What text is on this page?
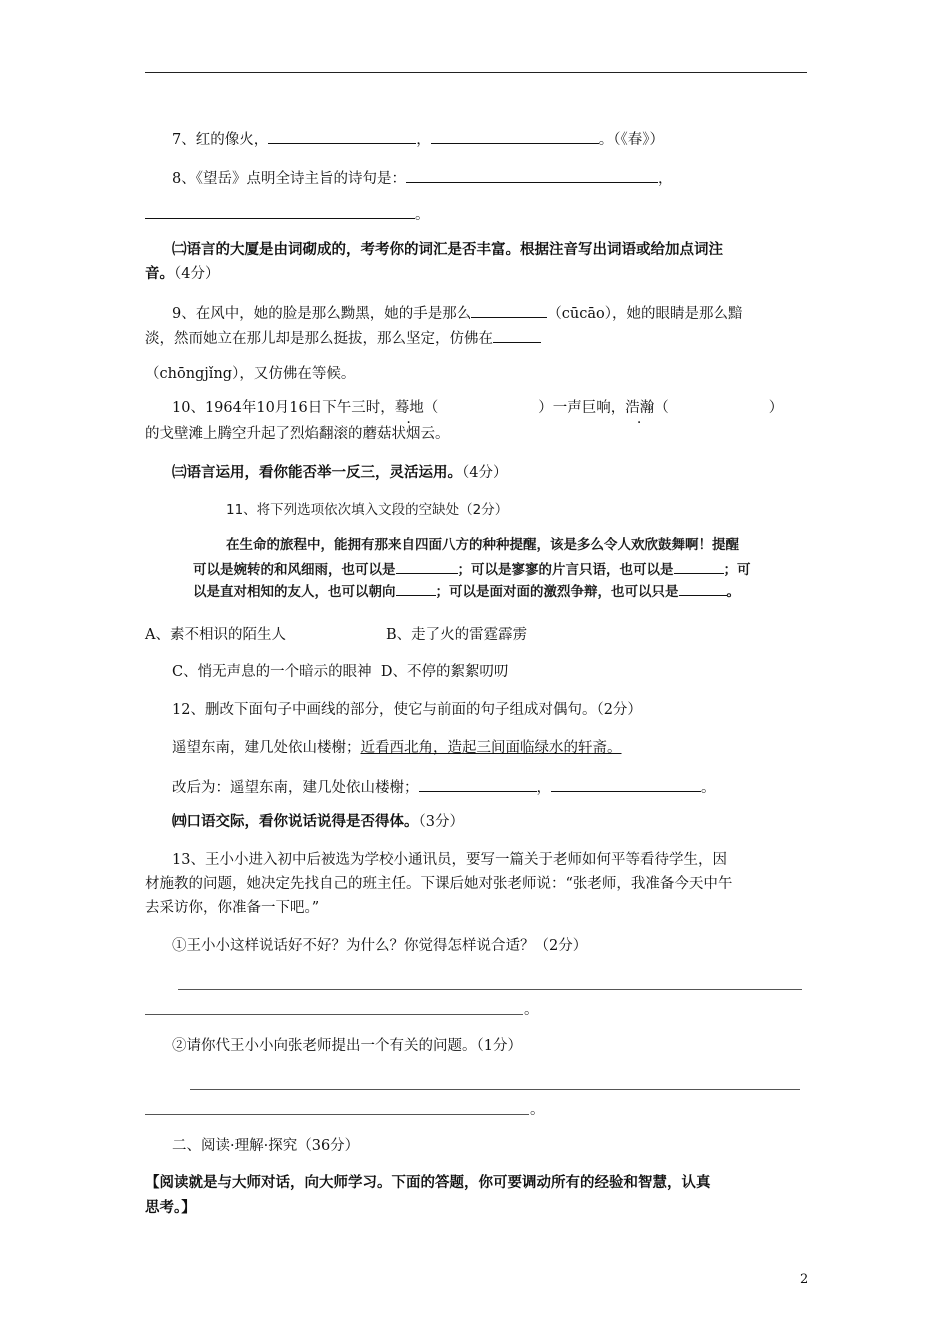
7、红的像火，	，	。（《春》）
8、《望岳》点明全诗主旨的诗句是：	，
。
㈡语言的大厦是由词砌成的，考考你的词汇是否丰富。根据注音写出词语或给加点词注
音。（4分）
9、在风中，她的脸是那么黝黑，她的手是那么	（cūcāo），她的眼睛是那么黯
淡，然而她立在那儿却是那么挺拔，那么坚定，仿佛在
（chōngjǐng），又仿佛在等候。
10、1964年10月16日下午三时，蓦地（	）一声巨响，浩瀚（	）
的戈壁滩上腾空升起了烈焰翻滚的蘑菇状烟云。
㈢语言运用，看你能否举一反三，灵活运用。（4分）
11、将下列选项依次填入文段的空缺处（2分）
在生命的旅程中，能拥有那来自四面八方的种种提醒，该是多么令人欢欣鼓舞啊！提醒
可以是婉转的和风细雨，也可以是	；可以是寥寥的片言只语，也可以是	；可
以是直对相知的友人，也可以朝向	；可以是面对面的激烈争辩，也可以只是	。
A、素不相识的陌生人	B、走了火的雷霆霹雳
C、悄无声息的一个暗示的眼神 D、不停的絮絮叨叨
12、删改下面句子中画线的部分，使它与前面的句子组成对偶句。（2分）
遥望东南，建几处依山楼榭；近看西北角，造起三间面临绿水的轩斋。
改后为：遥望东南，建几处依山楼榭；	，	。
㈣口语交际，看你说话说得是否得体。（3分）
13、王小小进入初中后被选为学校小通讯员，要写一篇关于老师如何平等看待学生，因
材施教的问题，她决定先找自己的班主任。下课后她对张老师说：“张老师，我准备今天中午
去采访你，你准备一下吧。”
①王小小这样说话好不好？为什么？你觉得怎样说合适？（2分）
。
②请你代王小小向张老师提出一个有关的问题。（1分）
。
二、阅读·理解·探究（36分）
【阅读就是与大师对话，向大师学习。下面的答题，你可要调动所有的经验和智慧，认真
思考。】
2
